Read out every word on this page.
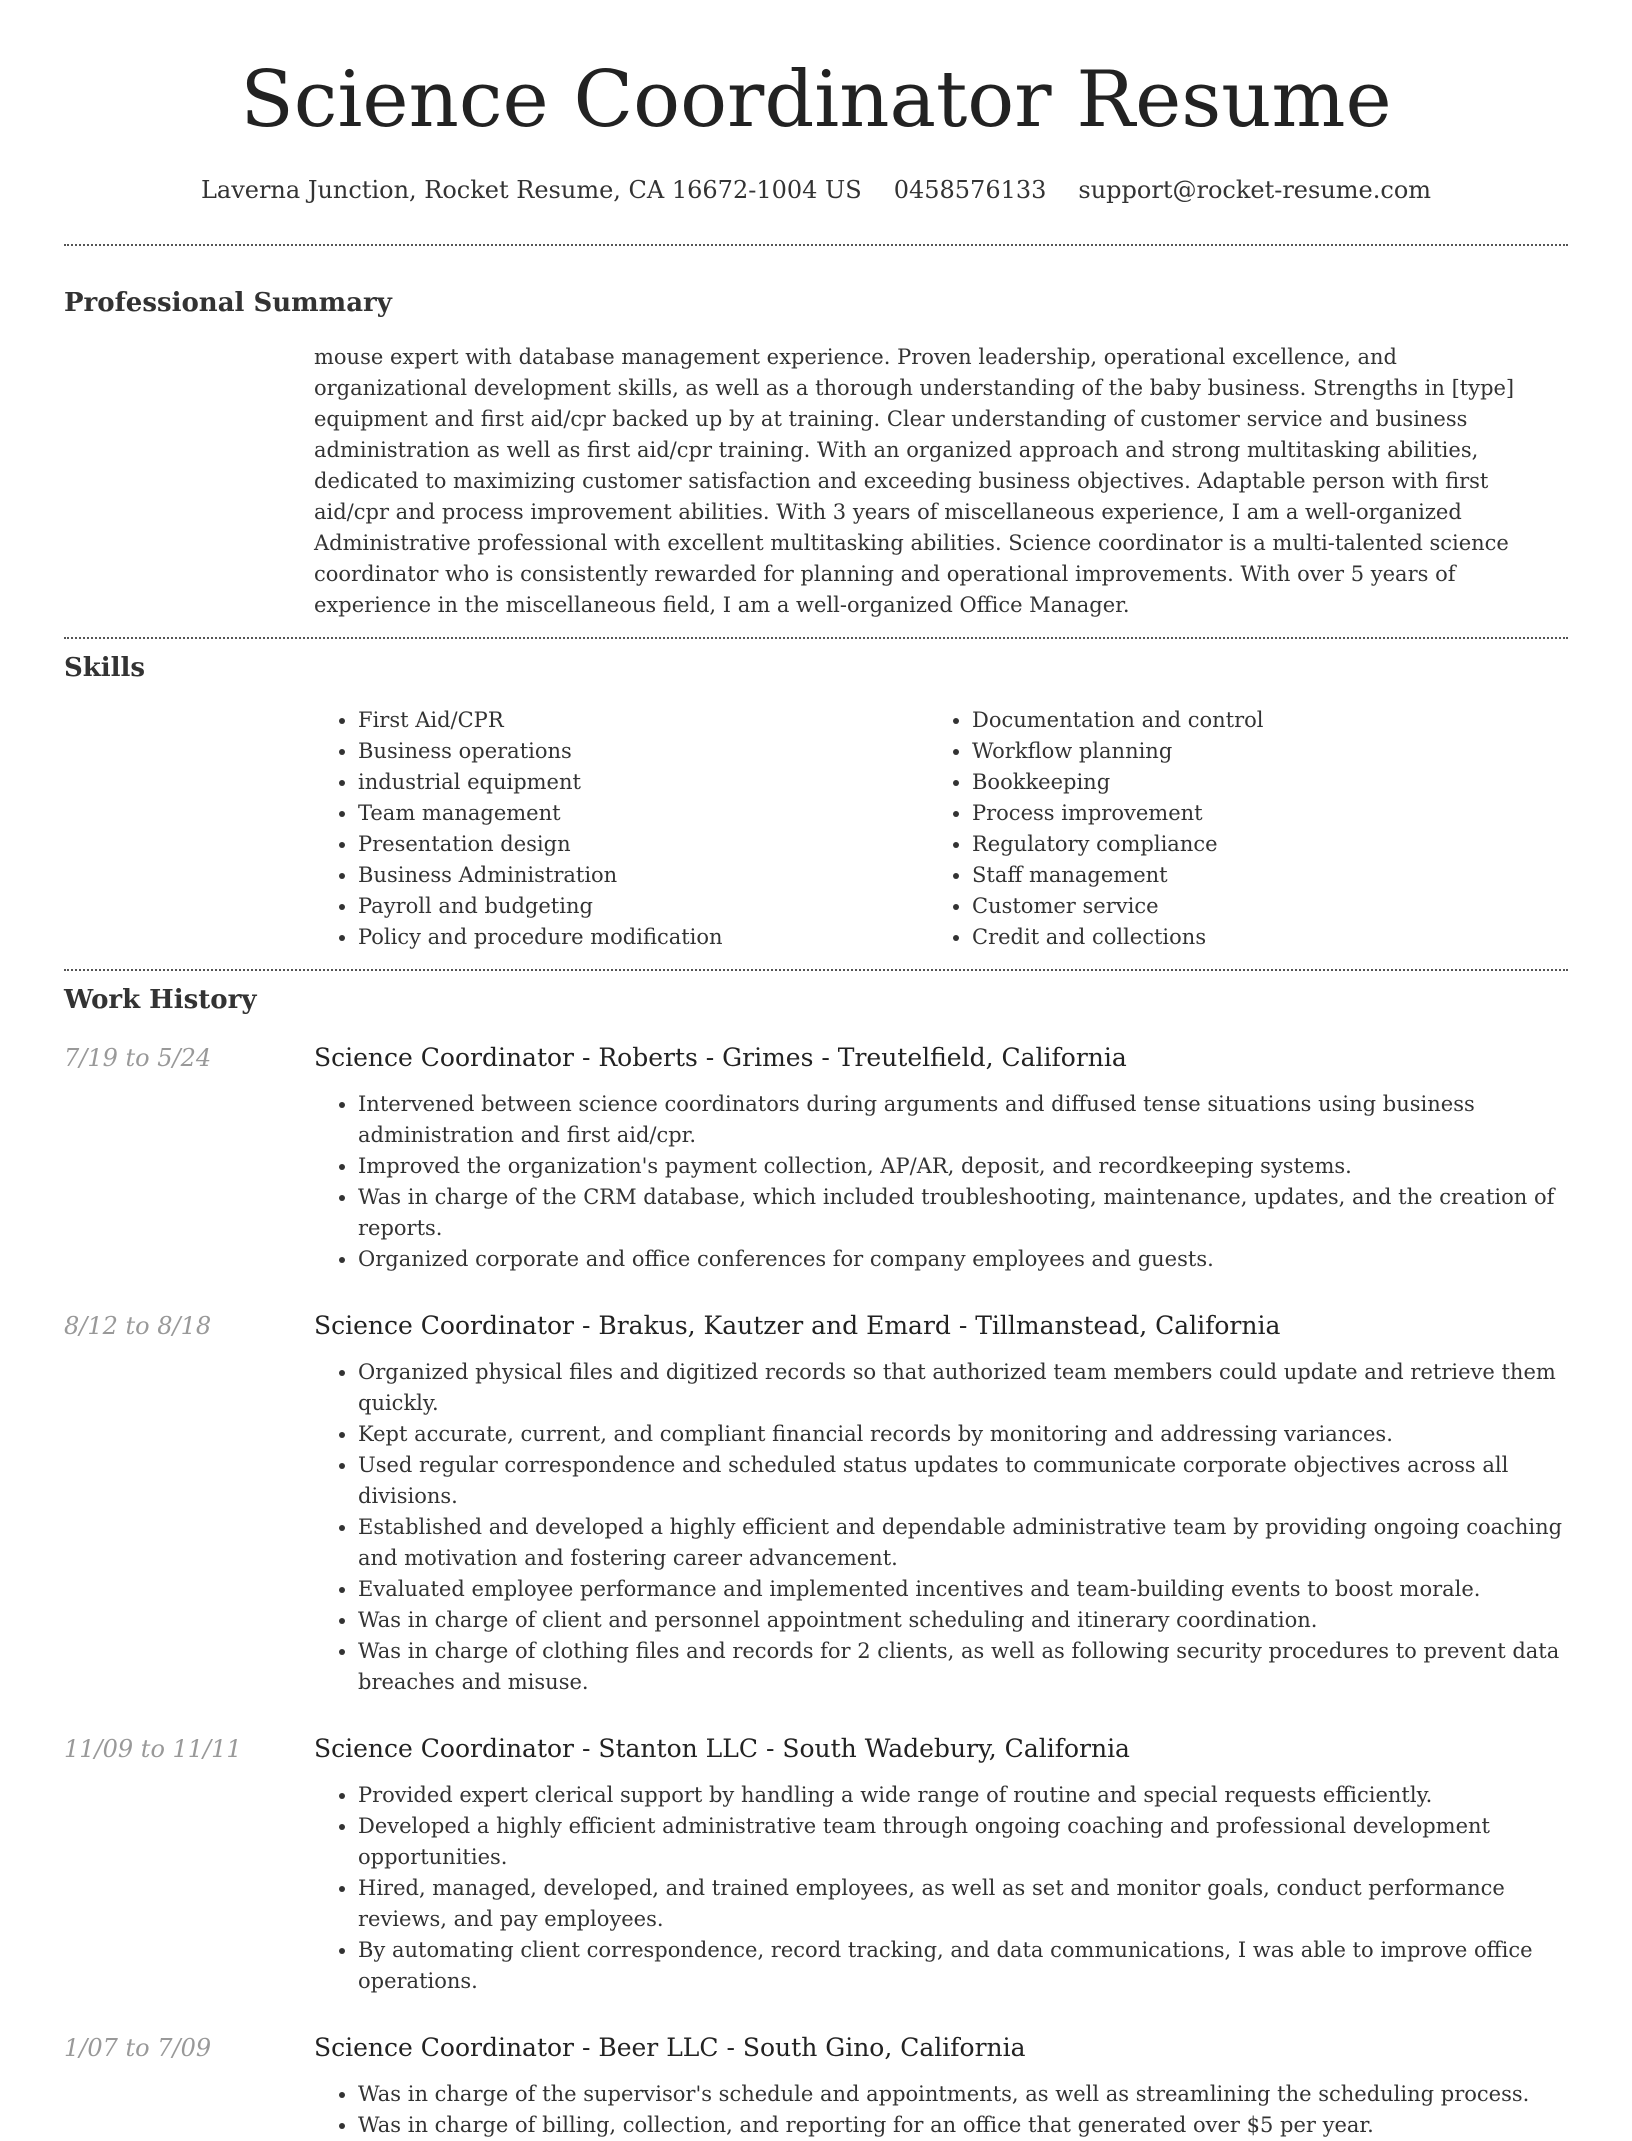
Science Coordinator Resume
Laverna Junction, Rocket Resume, CA 16672-1004 US 0458576133 support@rocket-resume.com
Professional Summary

mouse expert with database management experience. Proven leadership, operational excellence, and organizational development skills, as well as a thorough understanding of the baby business. Strengths in [type] equipment and first aid/cpr backed up by at training. Clear understanding of customer service and business administration as well as first aid/cpr training. With an organized approach and strong multitasking abilities, dedicated to maximizing customer satisfaction and exceeding business objectives. Adaptable person with first aid/cpr and process improvement abilities. With 3 years of miscellaneous experience, I am a well-organized Administrative professional with excellent multitasking abilities. Science coordinator is a multi-talented science coordinator who is consistently rewarded for planning and operational improvements. With over 5 years of experience in the miscellaneous field, I am a well-organized Office Manager.

Skills
• First Aid/CPR
• Business operations
• industrial equipment
• Team management
• Presentation design
• Business Administration
• Payroll and budgeting
• Policy and procedure modification
• Documentation and control
• Workflow planning
• Bookkeeping
• Process improvement
• Regulatory compliance
• Staff management
• Customer service
• Credit and collections
Work History
7/19 to 5/24	Science Coordinator - Roberts - Grimes - Treutelfield, California
• Intervened between science coordinators during arguments and diffused tense situations using business administration and first aid/cpr.
• Improved the organization's payment collection, AP/AR, deposit, and recordkeeping systems.
• Was in charge of the CRM database, which included troubleshooting, maintenance, updates, and the creation of reports.
• Organized corporate and office conferences for company employees and guests.
8/12 to 8/18	Science Coordinator - Brakus, Kautzer and Emard - Tillmanstead, California
• Organized physical files and digitized records so that authorized team members could update and retrieve them quickly.
• Kept accurate, current, and compliant financial records by monitoring and addressing variances.
• Used regular correspondence and scheduled status updates to communicate corporate objectives across all divisions.
• Established and developed a highly efficient and dependable administrative team by providing ongoing coaching and motivation and fostering career advancement.
• Evaluated employee performance and implemented incentives and team-building events to boost morale.
• Was in charge of client and personnel appointment scheduling and itinerary coordination.
• Was in charge of clothing files and records for 2 clients, as well as following security procedures to prevent data breaches and misuse.
11/09 to 11/11	Science Coordinator - Stanton LLC - South Wadebury, California
• Provided expert clerical support by handling a wide range of routine and special requests efficiently.
• Developed a highly efficient administrative team through ongoing coaching and professional development opportunities.
• Hired, managed, developed, and trained employees, as well as set and monitor goals, conduct performance reviews, and pay employees.
• By automating client correspondence, record tracking, and data communications, I was able to improve office operations.
1/07 to 7/09	Science Coordinator - Beer LLC - South Gino, California
• Was in charge of the supervisor's schedule and appointments, as well as streamlining the scheduling process.
• Was in charge of billing, collection, and reporting for an office that generated over $5 per year.
